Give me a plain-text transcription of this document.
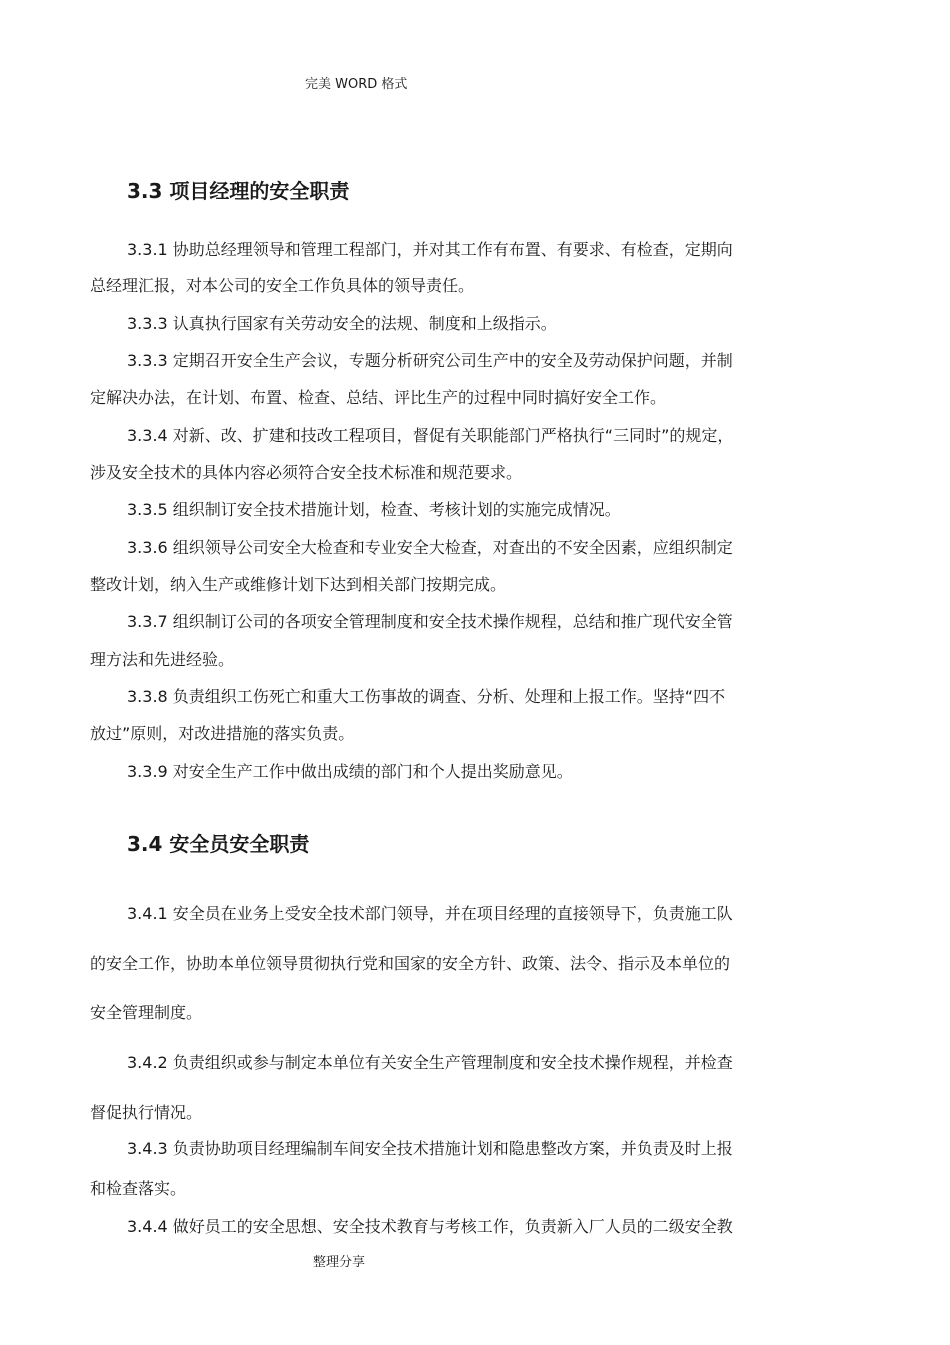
完美 WORD 格式
3.3 项目经理的安全职责

3.3.1 协助总经理领导和管理工程部门，并对其工作有布置、有要求、有检查，定期向

总经理汇报，对本公司的安全工作负具体的领导责任。

3.3.3 认真执行国家有关劳动安全的法规、制度和上级指示。

3.3.3 定期召开安全生产会议，专题分析研究公司生产中的安全及劳动保护问题，并制

定解决办法，在计划、布置、检查、总结、评比生产的过程中同时搞好安全工作。

3.3.4 对新、改、扩建和技改工程项目，督促有关职能部门严格执行“三同时”的规定，

涉及安全技术的具体内容必须符合安全技术标准和规范要求。

3.3.5 组织制订安全技术措施计划，检查、考核计划的实施完成情况。

3.3.6 组织领导公司安全大检查和专业安全大检查，对查出的不安全因素，应组织制定

整改计划，纳入生产或维修计划下达到相关部门按期完成。

3.3.7 组织制订公司的各项安全管理制度和安全技术操作规程，总结和推广现代安全管

理方法和先进经验。

3.3.8 负责组织工伤死亡和重大工伤事故的调查、分析、处理和上报工作。坚持“四不

放过”原则，对改进措施的落实负责。

3.3.9 对安全生产工作中做出成绩的部门和个人提出奖励意见。

3.4 安全员安全职责

3.4.1 安全员在业务上受安全技术部门领导，并在项目经理的直接领导下，负责施工队

的安全工作，协助本单位领导贯彻执行党和国家的安全方针、政策、法令、指示及本单位的

安全管理制度。

3.4.2 负责组织或参与制定本单位有关安全生产管理制度和安全技术操作规程，并检查

督促执行情况。

3.4.3 负责协助项目经理编制车间安全技术措施计划和隐患整改方案，并负责及时上报

和检查落实。

3.4.4 做好员工的安全思想、安全技术教育与考核工作，负责新入厂人员的二级安全教

整理分享
